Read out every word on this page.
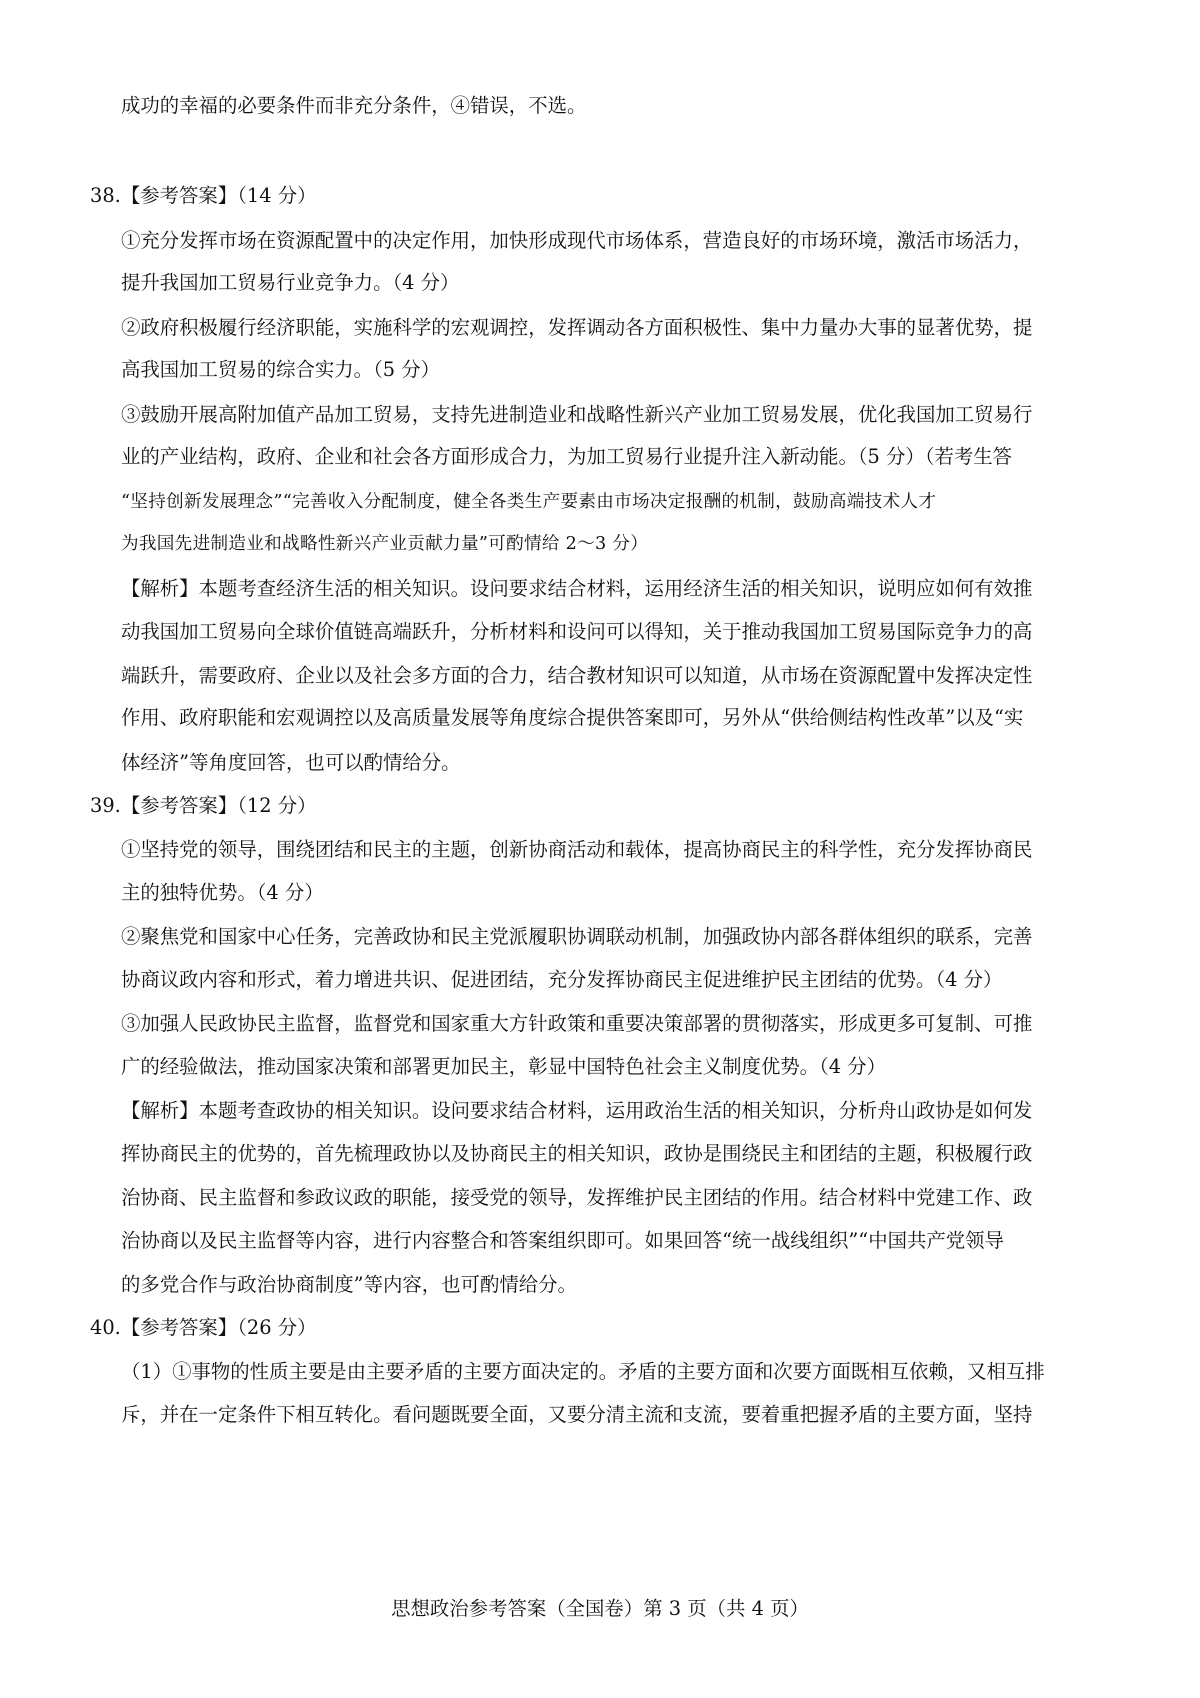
成功的幸福的必要条件而非充分条件，④错误，不选。
38.【参考答案】（14 分）
①充分发挥市场在资源配置中的决定作用，加快形成现代市场体系，营造良好的市场环境，激活市场活力，
提升我国加工贸易行业竞争力。（4 分）
②政府积极履行经济职能，实施科学的宏观调控，发挥调动各方面积极性、集中力量办大事的显著优势，提
高我国加工贸易的综合实力。（5 分）
③鼓励开展高附加值产品加工贸易，支持先进制造业和战略性新兴产业加工贸易发展，优化我国加工贸易行
业的产业结构，政府、企业和社会各方面形成合力，为加工贸易行业提升注入新动能。（5 分）（若考生答
“坚持创新发展理念”“完善收入分配制度，健全各类生产要素由市场决定报酬的机制，鼓励高端技术人才
为我国先进制造业和战略性新兴产业贡献力量”可酌情给 2～3 分）
【解析】本题考查经济生活的相关知识。设问要求结合材料，运用经济生活的相关知识，说明应如何有效推
动我国加工贸易向全球价值链高端跃升，分析材料和设问可以得知，关于推动我国加工贸易国际竞争力的高
端跃升，需要政府、企业以及社会多方面的合力，结合教材知识可以知道，从市场在资源配置中发挥决定性
作用、政府职能和宏观调控以及高质量发展等角度综合提供答案即可，另外从“供给侧结构性改革”以及“实
体经济”等角度回答，也可以酌情给分。
39.【参考答案】（12 分）
①坚持党的领导，围绕团结和民主的主题，创新协商活动和载体，提高协商民主的科学性，充分发挥协商民
主的独特优势。（4 分）
②聚焦党和国家中心任务，完善政协和民主党派履职协调联动机制，加强政协内部各群体组织的联系，完善
协商议政内容和形式，着力增进共识、促进团结，充分发挥协商民主促进维护民主团结的优势。（4 分）
③加强人民政协民主监督，监督党和国家重大方针政策和重要决策部署的贯彻落实，形成更多可复制、可推
广的经验做法，推动国家决策和部署更加民主，彰显中国特色社会主义制度优势。（4 分）
【解析】本题考查政协的相关知识。设问要求结合材料，运用政治生活的相关知识，分析舟山政协是如何发
挥协商民主的优势的，首先梳理政协以及协商民主的相关知识，政协是围绕民主和团结的主题，积极履行政
治协商、民主监督和参政议政的职能，接受党的领导，发挥维护民主团结的作用。结合材料中党建工作、政
治协商以及民主监督等内容，进行内容整合和答案组织即可。如果回答“统一战线组织”“中国共产党领导
的多党合作与政治协商制度”等内容，也可酌情给分。
40.【参考答案】（26 分）
（1）①事物的性质主要是由主要矛盾的主要方面决定的。矛盾的主要方面和次要方面既相互依赖，又相互排
斥，并在一定条件下相互转化。看问题既要全面，又要分清主流和支流，要着重把握矛盾的主要方面，坚持
思想政治参考答案（全国卷）第 3 页（共 4 页）
